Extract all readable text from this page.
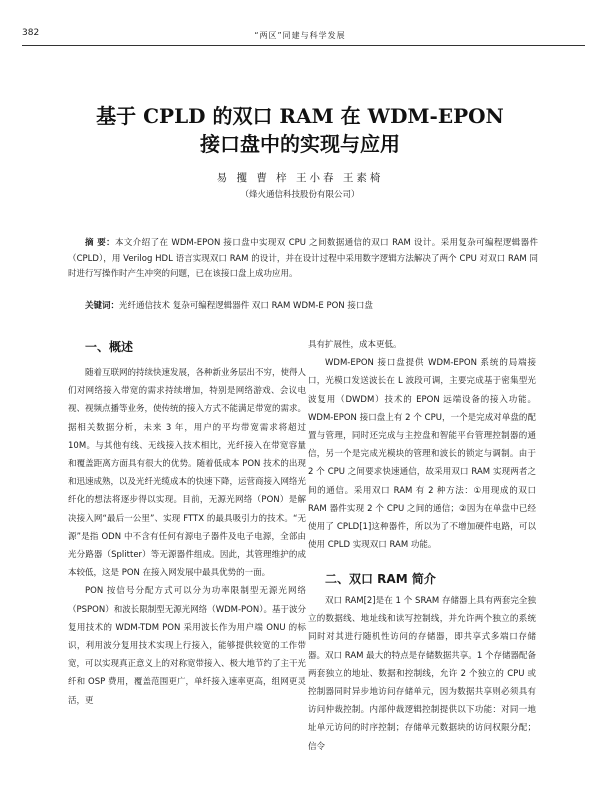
382	“两区”同建与科学发展
基于 CPLD 的双口 RAM 在 WDM-EPON
接口盘中的实现与应用
易 攫 曹 梓 王小春 王素椅
（烽火通信科技股份有限公司）
摘 要：本文介绍了在 WDM-EPON 接口盘中实现双 CPU 之间数据通信的双口 RAM 设计。采用复杂可编程逻辑器件（CPLD），用 Verilog HDL 语言实现双口 RAM 的设计，并在设计过程中采用数字逻辑方法解决了两个 CPU 对双口 RAM 同时进行写操作时产生冲突的问题，已在该接口盘上成功应用。
关键词：光纤通信技术 复杂可编程逻辑器件 双口 RAM WDM-E PON 接口盘
一、概述

随着互联网的持续快速发展，各种新业务层出不穷，使得人们对网络接入带宽的需求持续增加，特别是网络游戏、会议电视、视频点播等业务，使传统的接入方式不能满足带宽的需求。据相关数据分析，未来 3 年，用户的平均带宽需求将超过 10M。与其他有线、无线接入技术相比，光纤接入在带宽容量和覆盖距离方面具有很大的优势。随着低成本 PON 技术的出现和迅速成熟，以及光纤光缆成本的快速下降，运营商接入网络光纤化的想法将逐步得以实现。目前，无源光网络（PON）是解决接入网“最后一公里”、实现 FTTX 的最具吸引力的技术。“无源”是指 ODN 中不含有任何有源电子器件及电子电源，全部由光分路器（Splitter）等无源器件组成。因此，其管理维护的成本较低，这是 PON 在接入网发展中最具优势的一面。

PON 按信号分配方式可以分为功率限制型无源光网络（PSPON）和波长限制型无源光网络（WDM-PON）。基于波分复用技术的 WDM-TDM PON 采用波长作为用户端 ONU 的标识，利用波分复用技术实现上行接入，能够提供较宽的工作带宽，可以实现真正意义上的对称宽带接入、极大地节约了主干光纤和 OSP 费用，覆盖范围更广，单纤接入速率更高，组网更灵活，更

具有扩展性，成本更低。

WDM-EPON 接口盘提供 WDM-EPON 系统的局端接口，光模口发送波长在 L 波段可调，主要完成基于密集型光波复用（DWDM）技术的 EPON 远端设备的接入功能。WDM-EPON 接口盘上有 2 个 CPU，一个是完成对单盘的配置与管理，同时还完成与主控盘和智能平台管理控制器的通信，另一个是完成光模块的管理和波长的锁定与调制。由于 2 个 CPU 之间要求快速通信，故采用双口 RAM 实现两者之间的通信。采用双口 RAM 有 2 种方法：①用现成的双口 RAM 器件实现 2 个 CPU 之间的通信；②因为在单盘中已经使用了 CPLD[1]这种器件，所以为了不增加硬件电路，可以使用 CPLD 实现双口 RAM 功能。

二、双口 RAM 简介

双口 RAM[2]是在 1 个 SRAM 存储器上具有两套完全独立的数据线、地址线和读写控制线，并允许两个独立的系统同时对其进行随机性访问的存储器，即共享式多端口存储器。双口 RAM 最大的特点是存储数据共享。1 个存储器配备两套独立的地址、数据和控制线，允许 2 个独立的 CPU 或控制器同时异步地访问存储单元，因为数据共享则必须具有访问仲裁控制。内部仲裁逻辑控制提供以下功能：对同一地址单元访问的时序控制；存储单元数据块的访问权限分配；信令
